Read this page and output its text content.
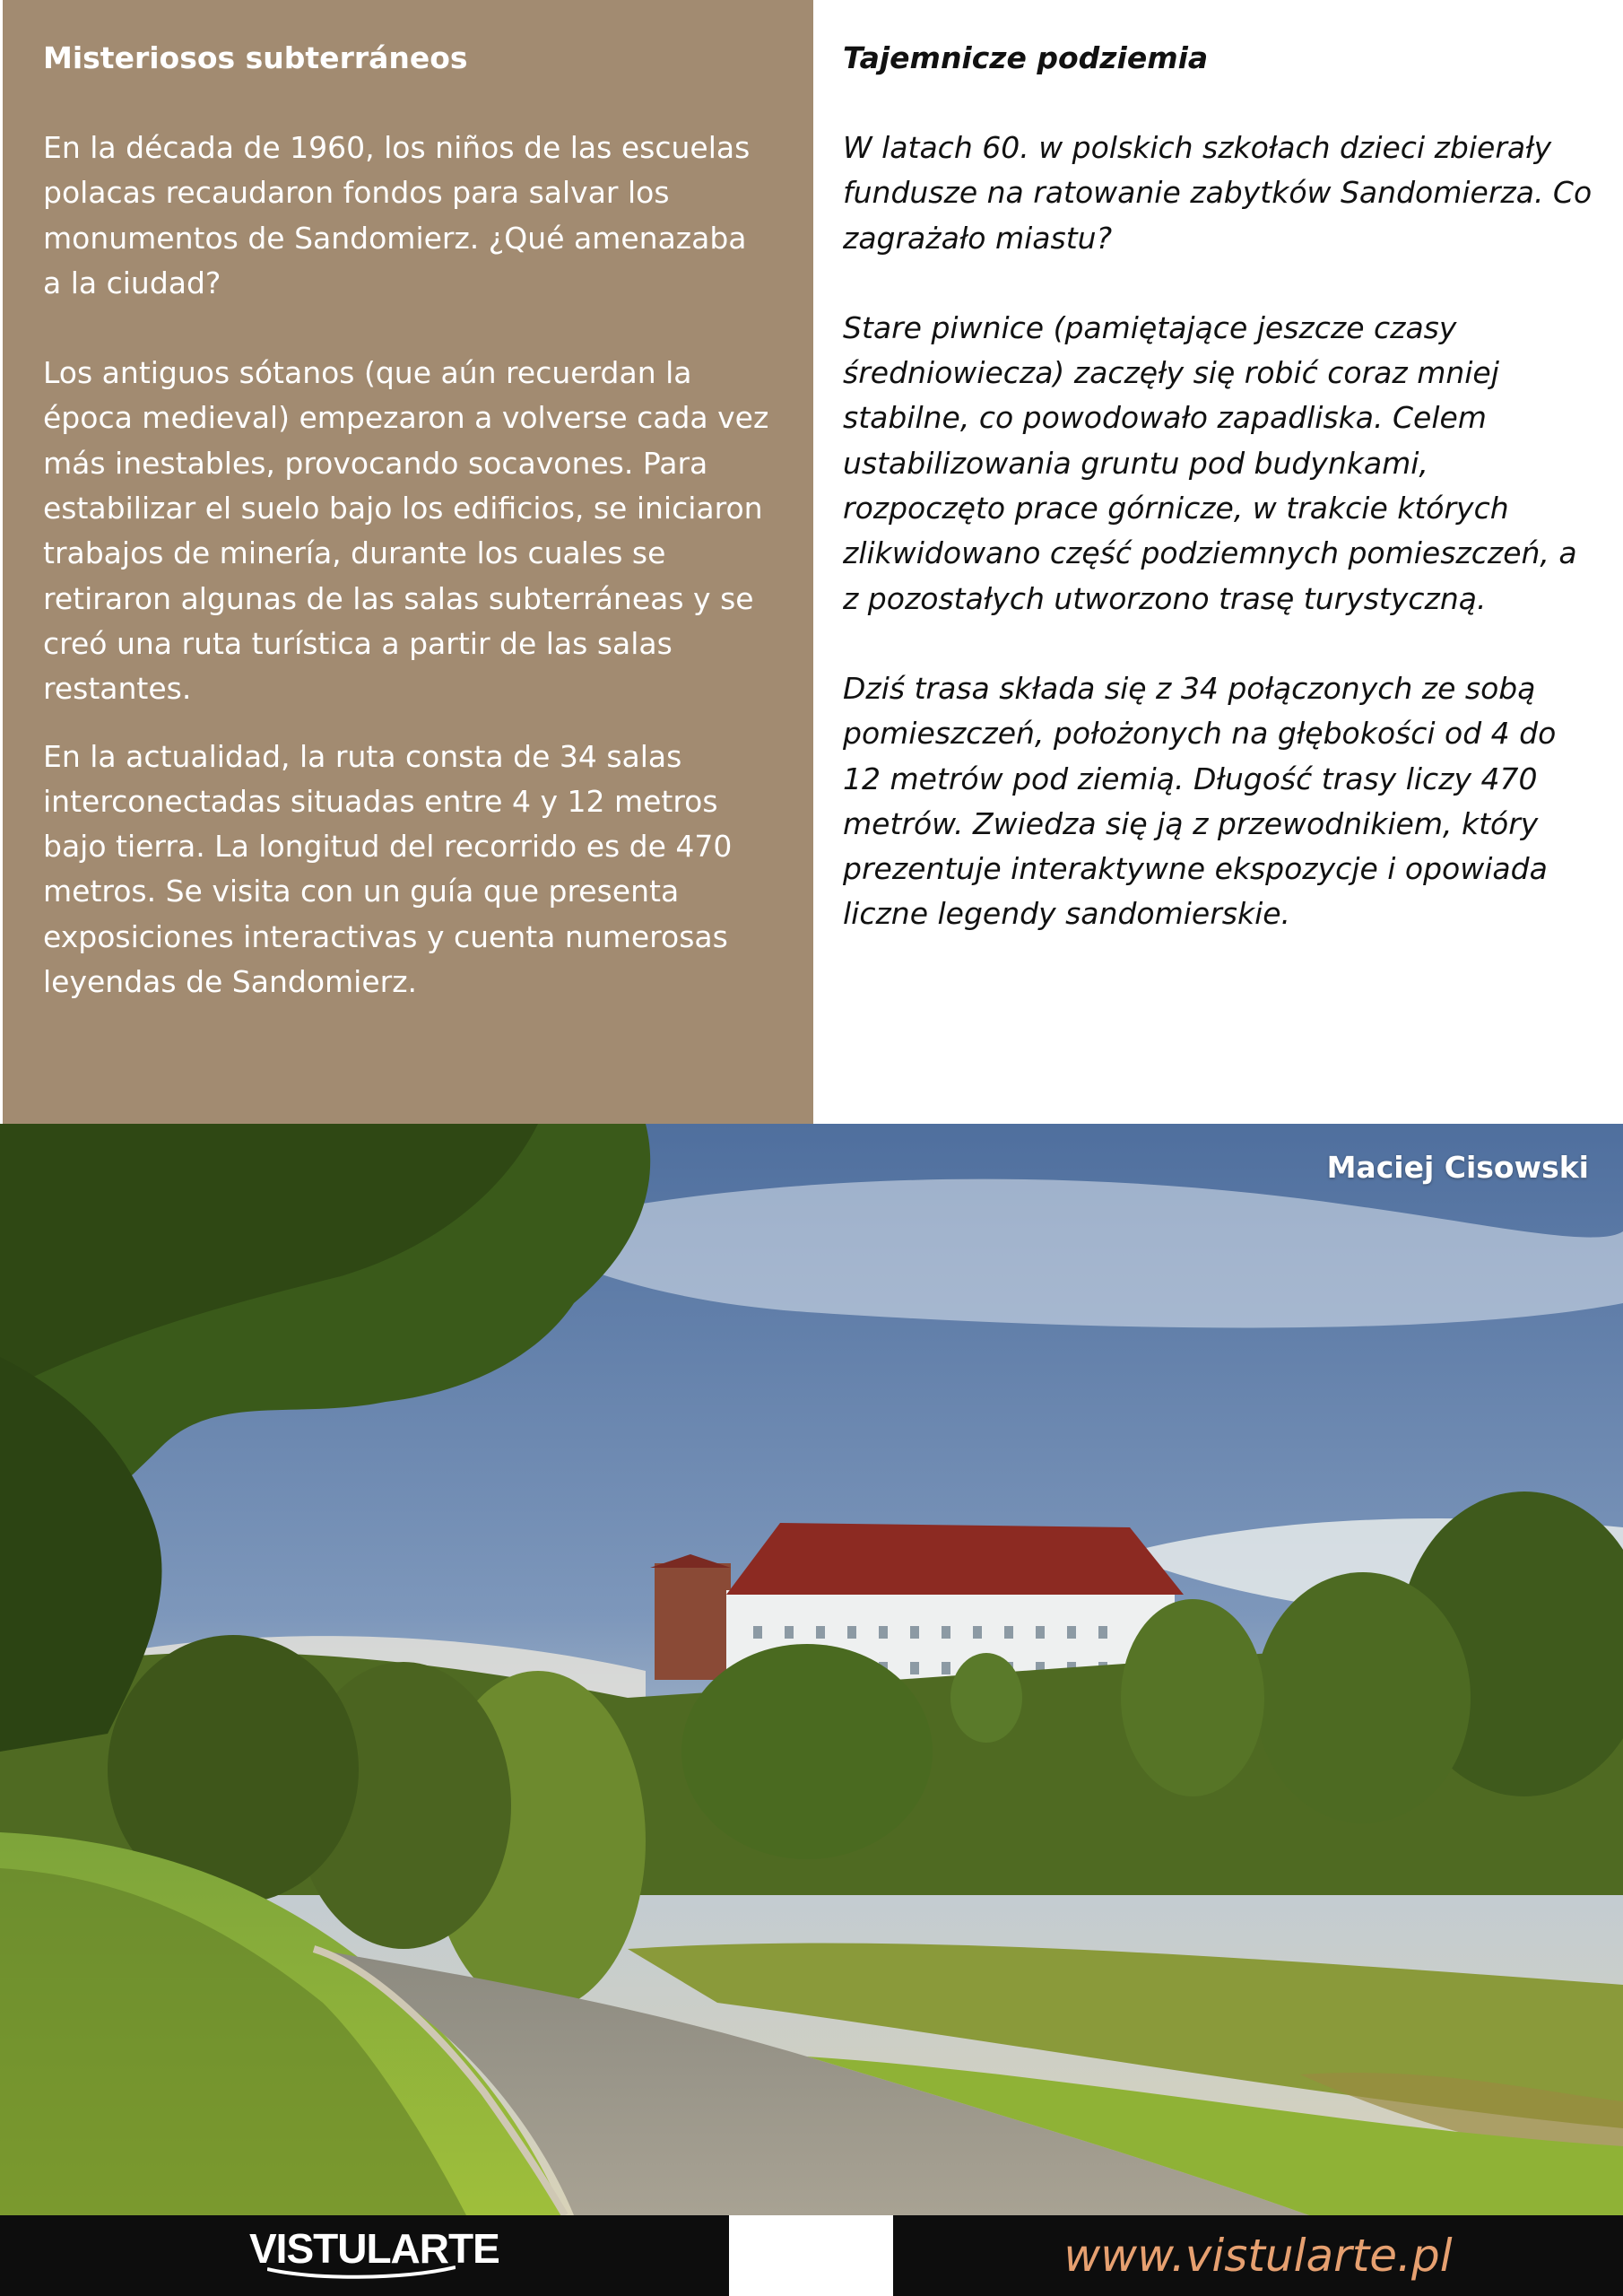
Misteriosos subterráneos
En la década de 1960, los niños de las escuelas polacas recaudaron fondos para salvar los monumentos de Sandomierz. ¿Qué amenazaba a la ciudad?
Los antiguos sótanos (que aún recuerdan la época medieval) empezaron a volverse cada vez más inestables, provocando socavones. Para estabilizar el suelo bajo los edificios, se iniciaron trabajos de minería, durante los cuales se retiraron algunas de las salas subterráneas y se creó una ruta turística a partir de las salas restantes.
En la actualidad, la ruta consta de 34 salas interconectadas situadas entre 4 y 12 metros bajo tierra. La longitud del recorrido es de 470 metros. Se visita con un guía que presenta exposiciones interactivas y cuenta numerosas leyendas de Sandomierz.
Tajemnicze podziemia
W latach 60. w polskich szkołach dzieci zbierały fundusze na ratowanie zabytków Sandomierza. Co zagrażało miastu?
Stare piwnice (pamiętające jeszcze czasy średniowiecza) zaczęły się robić coraz mniej stabilne, co powodowało zapadliska. Celem ustabilizowania gruntu pod budynkami, rozpoczęto prace górnicze, w trakcie których zlikwidowano część podziemnych pomieszczeń, a z pozostałych utworzono trasę turystyczną.
Dziś trasa składa się z 34 połączonych ze sobą pomieszczeń, położonych na głębokości od 4 do 12 metrów pod ziemią. Długość trasy liczy 470 metrów. Zwiedza się ją z przewodnikiem, który prezentuje interaktywne ekspozycje i opowiada liczne legendy sandomierskie.
Maciej Cisowski
VISTULARTE	www.vistularte.pl
